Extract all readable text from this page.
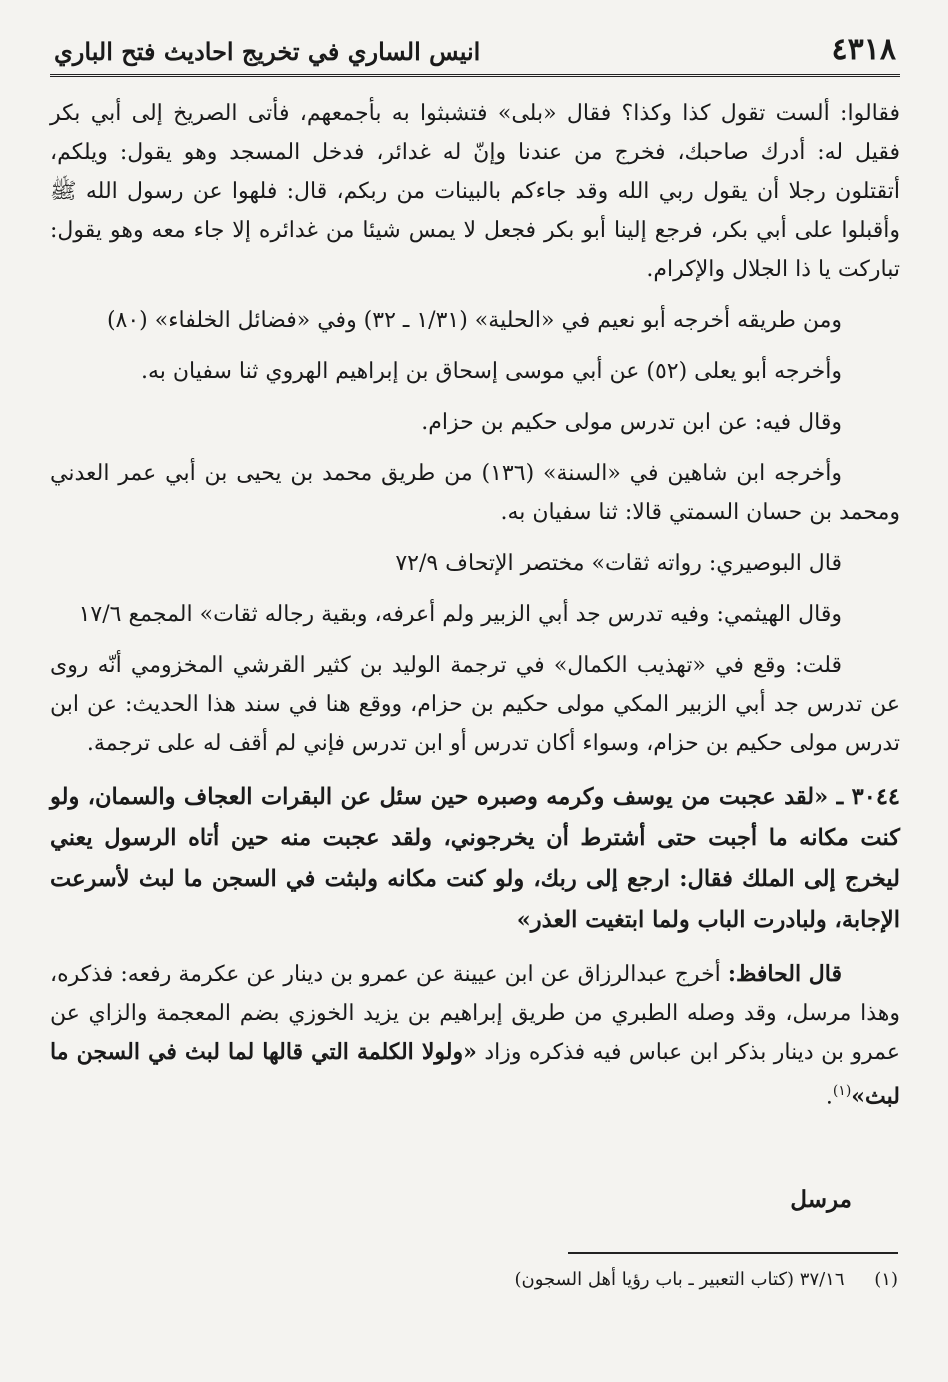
٤٣١٨
انيس الساري في تخريج احاديث فتح الباري

فقالوا: ألست تقول كذا وكذا؟ فقال «بلى» فتشبثوا به بأجمعهم، فأتى الصريخ إلى أبي بكر فقيل له: أدرك صاحبك، فخرج من عندنا وإنّ له غدائر، فدخل المسجد وهو يقول: ويلكم، أتقتلون رجلا أن يقول ربي الله وقد جاءكم بالبينات من ربكم، قال: فلهوا عن رسول الله ﷺ وأقبلوا على أبي بكر، فرجع إلينا أبو بكر فجعل لا يمس شيئا من غدائره إلا جاء معه وهو يقول: تباركت يا ذا الجلال والإكرام.

ومن طريقه أخرجه أبو نعيم في «الحلية» (١/٣١ ـ ٣٢) وفي «فضائل الخلفاء» (٨٠)

وأخرجه أبو يعلى (٥٢) عن أبي موسى إسحاق بن إبراهيم الهروي ثنا سفيان به.

وقال فيه: عن ابن تدرس مولى حكيم بن حزام.

وأخرجه ابن شاهين في «السنة» (١٣٦) من طريق محمد بن يحيى بن أبي عمر العدني ومحمد بن حسان السمتي قالا: ثنا سفيان به.

قال البوصيري: رواته ثقات» مختصر الإتحاف ٧٢/٩

وقال الهيثمي: وفيه تدرس جد أبي الزبير ولم أعرفه، وبقية رجاله ثقات» المجمع ١٧/٦

قلت: وقع في «تهذيب الكمال» في ترجمة الوليد بن كثير القرشي المخزومي أنّه روى عن تدرس جد أبي الزبير المكي مولى حكيم بن حزام، ووقع هنا في سند هذا الحديث: عن ابن تدرس مولى حكيم بن حزام، وسواء أكان تدرس أو ابن تدرس فإني لم أقف له على ترجمة.

٣٠٤٤ ـ «لقد عجبت من يوسف وكرمه وصبره حين سئل عن البقرات العجاف والسمان، ولو كنت مكانه ما أجبت حتى أشترط أن يخرجوني، ولقد عجبت منه حين أتاه الرسول يعني ليخرج إلى الملك فقال: ارجع إلى ربك، ولو كنت مكانه ولبثت في السجن ما لبث لأسرعت الإجابة، ولبادرت الباب ولما ابتغيت العذر»

قال الحافظ: أخرج عبدالرزاق عن ابن عيينة عن عمرو بن دينار عن عكرمة رفعه: فذكره، وهذا مرسل، وقد وصله الطبري من طريق إبراهيم بن يزيد الخوزي بضم المعجمة والزاي عن عمرو بن دينار بذكر ابن عباس فيه فذكره وزاد «ولولا الكلمة التي قالها لما لبث في السجن ما لبث»$^{(١)}$.

مرسل
(١) ٣٧/١٦ (كتاب التعبير ـ باب رؤيا أهل السجون)
